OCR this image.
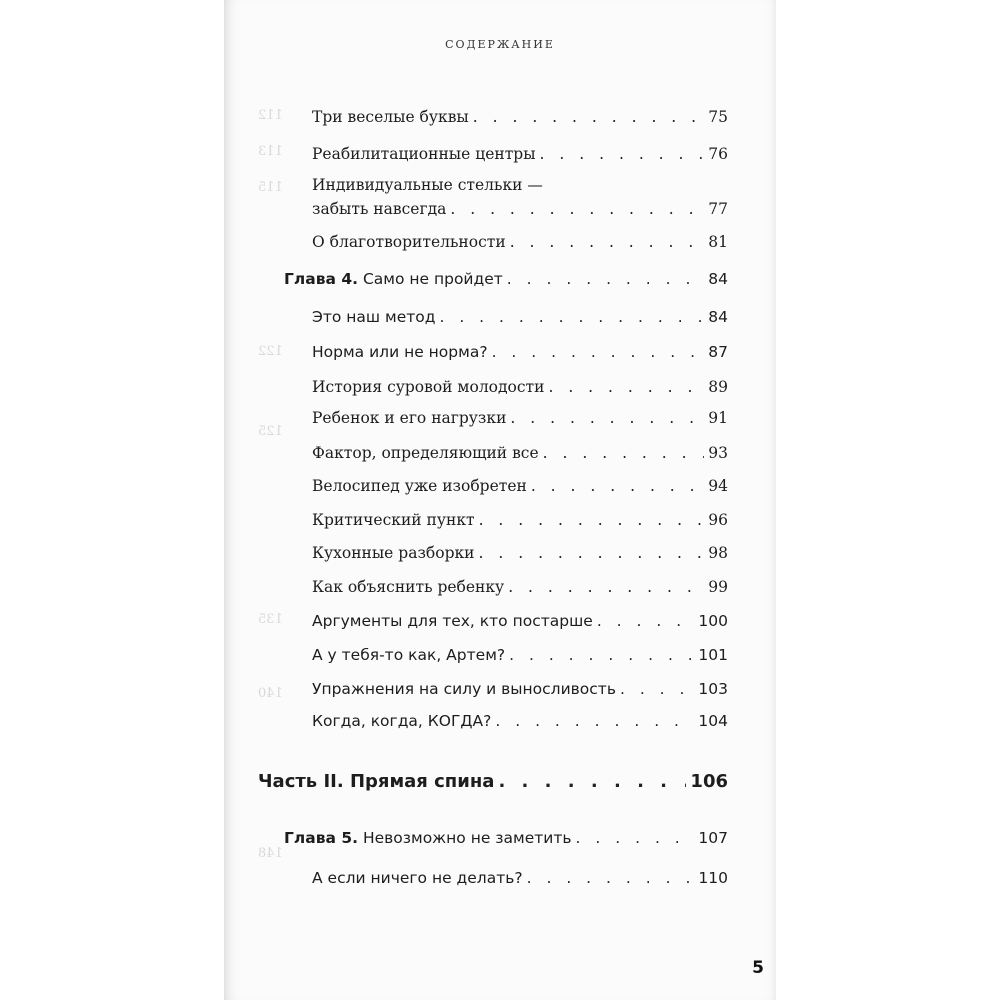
112
113
115
122
125
135
140
148
СОДЕРЖАНИЕ
Три веселые буквы . . .	75
Реабилитационные центры . . .	76
Индивидуальные стельки —
забыть навсегда . . .	77
О благотворительности . . .	81
Глава 4. Само не пройдет . . .	84
Это наш метод . . .	84
Норма или не норма? . . .	87
История суровой молодости . . .	89
Ребенок и его нагрузки . . .	91
Фактор, определяющий все . . .	93
Велосипед уже изобретен . . .	94
Критический пункт . . .	96
Кухонные разборки . . .	98
Как объяснить ребенку . . .	99
Аргументы для тех, кто постарше . . .	100
А у тебя-то как, Артем? . . .	101
Упражнения на силу и выносливость . . .	103
Когда, когда, КОГДА? . . .	104
Часть II. Прямая спина . . .	106
Глава 5. Невозможно не заметить . . .	107
А если ничего не делать? . . .	110
5
